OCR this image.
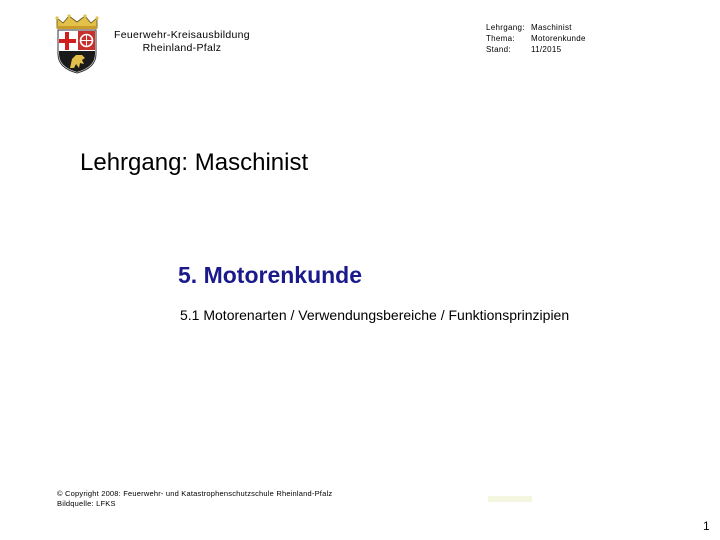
Feuerwehr-Kreisausbildung
Rheinland-Pfalz
Lehrgang: Maschinist
Thema:	Motorenkunde
Stand:	11/2015
Lehrgang: Maschinist
5. Motorenkunde
5.1 Motorenarten / Verwendungsbereiche / Funktionsprinzipien
© Copyright 2008: Feuerwehr- und Katastrophenschutzschule Rheinland-Pfalz
Bildquelle: LFKS
1
